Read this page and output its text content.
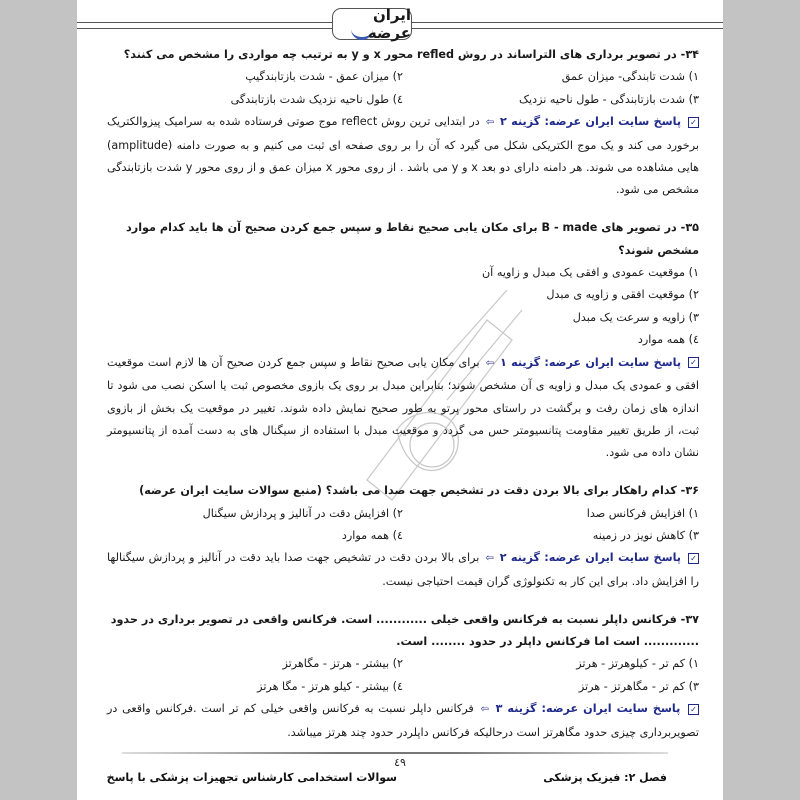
ایران عرضه
۳۴- در تصویر برداری های التراساند در روش refled محور x و y به ترتیب چه مواردی را مشخص می کنند؟
۱) شدت تابندگی- میزان عمق
۲) میزان عمق - شدت بازتابندگیپ
۳) شدت بازتابندگی - طول ناحیه نزدیک
٤) طول ناحیه نزدیک شدت بازتابندگی
✓ پاسخ سایت ایران عرضه: گزینه ۲ ⇦ در ابتدایی ترین روش reflect موج صوتی فرستاده شده به سرامیک پیزوالکتریک برخورد می کند و یک موج الکتریکی شکل می گیرد که آن را بر روی صفحه ای ثبت می کنیم و به صورت دامنه (amplitude) هایی مشاهده می شوند. هر دامنه دارای دو بعد x و y می باشد . از روی محور x میزان عمق و از روی محور y شدت بازتابندگی مشخص می شود.
۳۵- در تصویر های B - made برای مکان یابی صحیح نقاط و سپس جمع کردن صحیح آن ها باید کدام موارد مشخص شوند؟
۱) موقعیت عمودی و افقی یک مبدل و زاویه آن
۲) موقعیت افقی و زاویه ی مبدل
۳) زاویه و سرعت یک مبدل
٤) همه موارد
✓ پاسخ سایت ایران عرضه: گزینه ۱ ⇦ برای مکان یابی صحیح نقاط و سپس جمع کردن صحیح آن ها لازم است موقعیت افقی و عمودی یک مبدل و زاویه ی آن مشخص شوند؛ بنابراین مبدل بر روی یک بازوی مخصوص ثبت یا اسکن نصب می شود تا اندازه های زمان رفت و برگشت در راستای محور پرتو به طور صحیح نمایش داده شوند. تغییر در موقعیت یک بخش از بازوی ثبت، از طریق تغییر مقاومت پتانسیومتر حس می گردد و موقعیت مبدل با استفاده از سیگنال های به دست آمده از پتانسیومتر نشان داده می شود.
۳۶- کدام راهکار برای بالا بردن دقت در تشخیص جهت صدا می باشد؟ (منبع سوالات سایت ایران عرضه)
۱) افزایش فرکانس صدا
۲) افزایش دقت در آنالیز و پردازش سیگنال
۳) کاهش نویز در زمینه
٤) همه موارد
✓ پاسخ سایت ایران عرضه: گزینه ۲ ⇦ برای بالا بردن دقت در تشخیص جهت صدا باید دقت در آنالیز و پردازش سیگنالها را افزایش داد. برای این کار به تکنولوژی گران قیمت احتیاجی نیست.
۳۷- فرکانس داپلر نسبت به فرکانس واقعی خیلی ............ است. فرکانس واقعی در تصویر برداری در حدود ............. است اما فرکانس داپلر در حدود ........ است.
۱) کم تر - کیلوهرتز - هرتز
۲) بیشتر - هرتز - مگاهرتز
۳) کم تر - مگاهرتز - هرتز
٤) بیشتر - کیلو هرتز - مگا هرتز
✓ پاسخ سایت ایران عرضه: گزینه ۳ ⇦ فرکانس داپلر نسبت به فرکانس واقعی خیلی کم تر است .فرکانس واقعی در تصویربرداری چیزی حدود مگاهرتز است درحالیکه فرکانس داپلردر حدود چند هرتز میباشد.
٤۹
سوالات استخدامی کارشناس تجهیزات پزشکی با پاسخ	فصل ۲: فیزیک پزشکی
